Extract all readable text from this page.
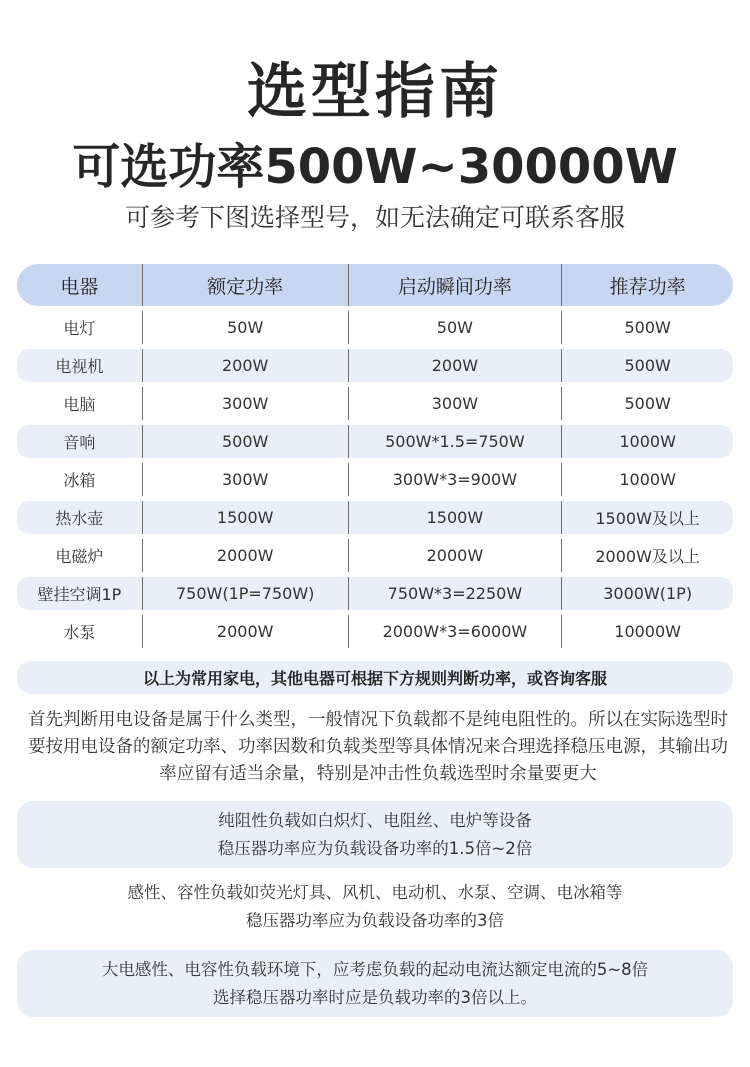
选型指南
可选功率500W~30000W
可参考下图选择型号，如无法确定可联系客服
电器	额定功率	启动瞬间功率	推荐功率
电灯	50W	50W	500W
电视机	200W	200W	500W
电脑	300W	300W	500W
音响	500W	500W*1.5=750W	1000W
冰箱	300W	300W*3=900W	1000W
热水壶	1500W	1500W	1500W及以上
电磁炉	2000W	2000W	2000W及以上
壁挂空调1P	750W(1P=750W)	750W*3=2250W	3000W(1P)
水泵	2000W	2000W*3=6000W	10000W
以上为常用家电，其他电器可根据下方规则判断功率，或咨询客服
首先判断用电设备是属于什么类型，一般情况下负载都不是纯电阻性的。所以在实际选型时要按用电设备的额定功率、功率因数和负载类型等具体情况来合理选择稳压电源，其输出功率应留有适当余量，特别是冲击性负载选型时余量要更大
纯阻性负载如白炽灯、电阻丝、电炉等设备
稳压器功率应为负载设备功率的1.5倍~2倍
感性、容性负载如荧光灯具、风机、电动机、水泵、空调、电冰箱等
稳压器功率应为负载设备功率的3倍
大电感性、电容性负载环境下，应考虑负载的起动电流达额定电流的5~8倍
选择稳压器功率时应是负载功率的3倍以上。
